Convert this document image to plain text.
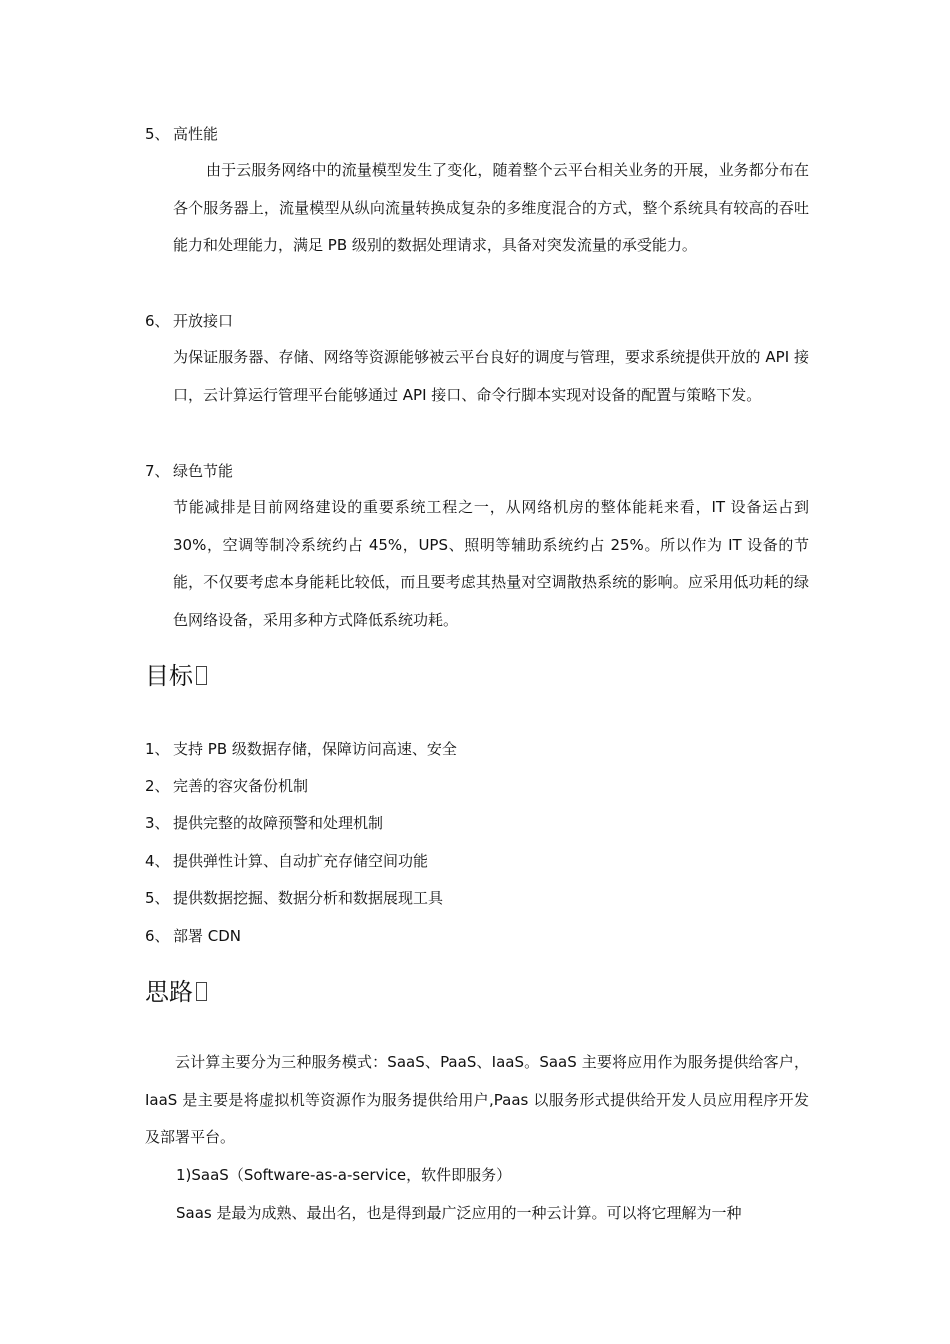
5、 高性能
由于云服务网络中的流量模型发生了变化，随着整个云平台相关业务的开展，业务都分布在各个服务器上，流量模型从纵向流量转换成复杂的多维度混合的方式，整个系统具有较高的吞吐能力和处理能力，满足 PB 级别的数据处理请求，具备对突发流量的承受能力。
6、 开放接口
为保证服务器、存储、网络等资源能够被云平台良好的调度与管理，要求系统提供开放的 API 接口，云计算运行管理平台能够通过 API 接口、命令行脚本实现对设备的配置与策略下发。
7、 绿色节能
节能减排是目前网络建设的重要系统工程之一，从网络机房的整体能耗来看，IT 设备运占到 30%，空调等制冷系统约占 45%，UPS、照明等辅助系统约占 25%。所以作为 IT 设备的节能，不仅要考虑本身能耗比较低，而且要考虑其热量对空调散热系统的影响。应采用低功耗的绿色网络设备，采用多种方式降低系统功耗。
目标
1、 支持 PB 级数据存储，保障访问高速、安全
2、 完善的容灾备份机制
3、 提供完整的故障预警和处理机制
4、 提供弹性计算、自动扩充存储空间功能
5、 提供数据挖掘、数据分析和数据展现工具
6、 部署 CDN
思路
云计算主要分为三种服务模式：SaaS、PaaS、IaaS。SaaS 主要将应用作为服务提供给客户，IaaS 是主要是将虚拟机等资源作为服务提供给用户,Paas 以服务形式提供给开发人员应用程序开发及部署平台。
1)SaaS（Software-as-a-service，软件即服务）
Saas 是最为成熟、最出名，也是得到最广泛应用的一种云计算。可以将它理解为一种
